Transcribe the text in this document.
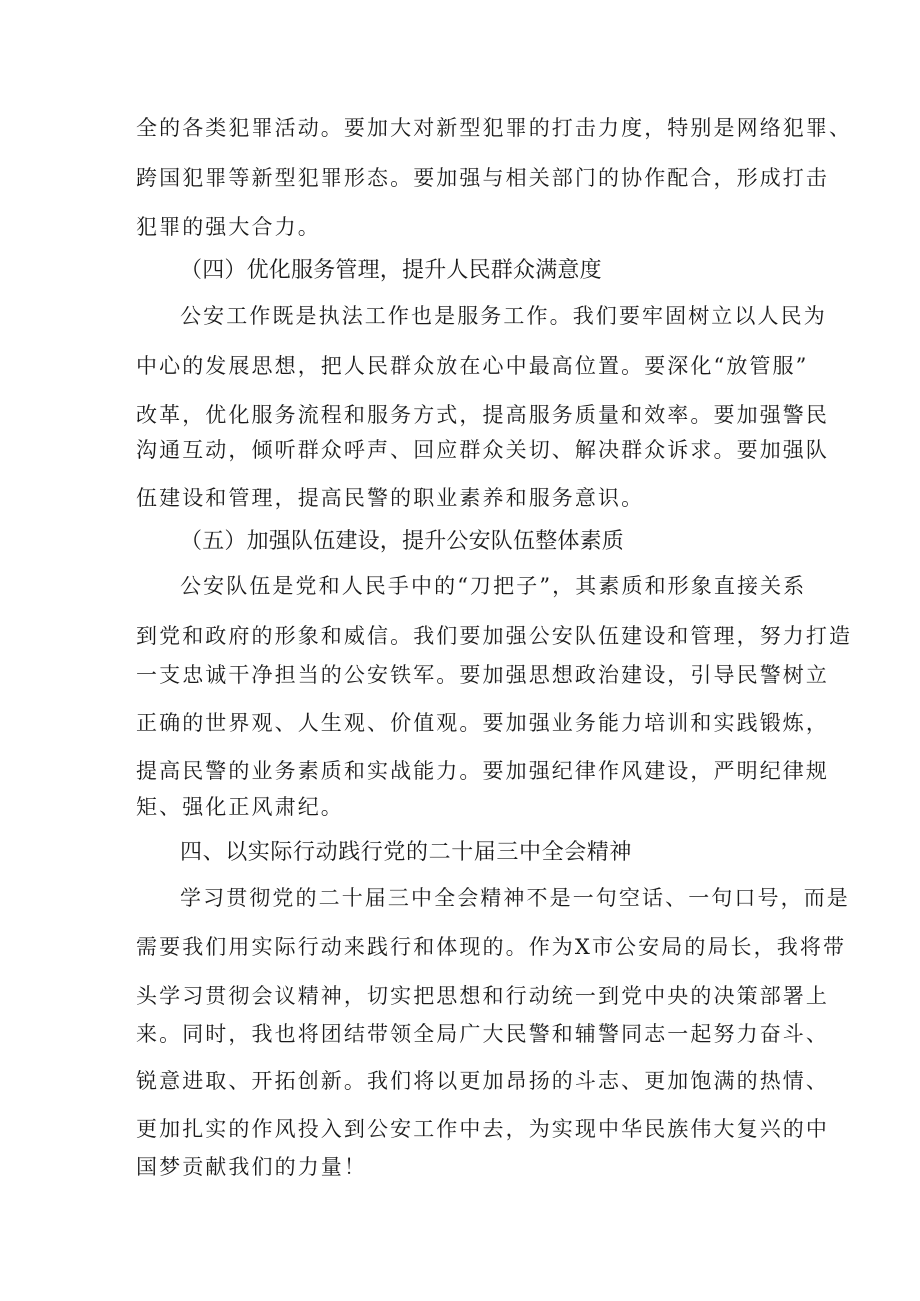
全的各类犯罪活动。要加大对新型犯罪的打击力度，特别是网络犯罪、
跨国犯罪等新型犯罪形态。要加强与相关部门的协作配合，形成打击
犯罪的强大合力。
（四）优化服务管理，提升人民群众满意度
公安工作既是执法工作也是服务工作。我们要牢固树立以人民为
中心的发展思想，把人民群众放在心中最高位置。要深化“放管服”
改革，优化服务流程和服务方式，提高服务质量和效率。要加强警民
沟通互动，倾听群众呼声、回应群众关切、解决群众诉求。要加强队
伍建设和管理，提高民警的职业素养和服务意识。
（五）加强队伍建设，提升公安队伍整体素质
公安队伍是党和人民手中的“刀把子”，其素质和形象直接关系
到党和政府的形象和威信。我们要加强公安队伍建设和管理，努力打造
一支忠诚干净担当的公安铁军。要加强思想政治建设，引导民警树立
正确的世界观、人生观、价值观。要加强业务能力培训和实践锻炼，
提高民警的业务素质和实战能力。要加强纪律作风建设，严明纪律规
矩、强化正风肃纪。
四、以实际行动践行党的二十届三中全会精神
学习贯彻党的二十届三中全会精神不是一句空话、一句口号，而是
需要我们用实际行动来践行和体现的。作为X市公安局的局长，我将带
头学习贯彻会议精神，切实把思想和行动统一到党中央的决策部署上
来。同时，我也将团结带领全局广大民警和辅警同志一起努力奋斗、
锐意进取、开拓创新。我们将以更加昂扬的斗志、更加饱满的热情、
更加扎实的作风投入到公安工作中去，为实现中华民族伟大复兴的中
国梦贡献我们的力量！
